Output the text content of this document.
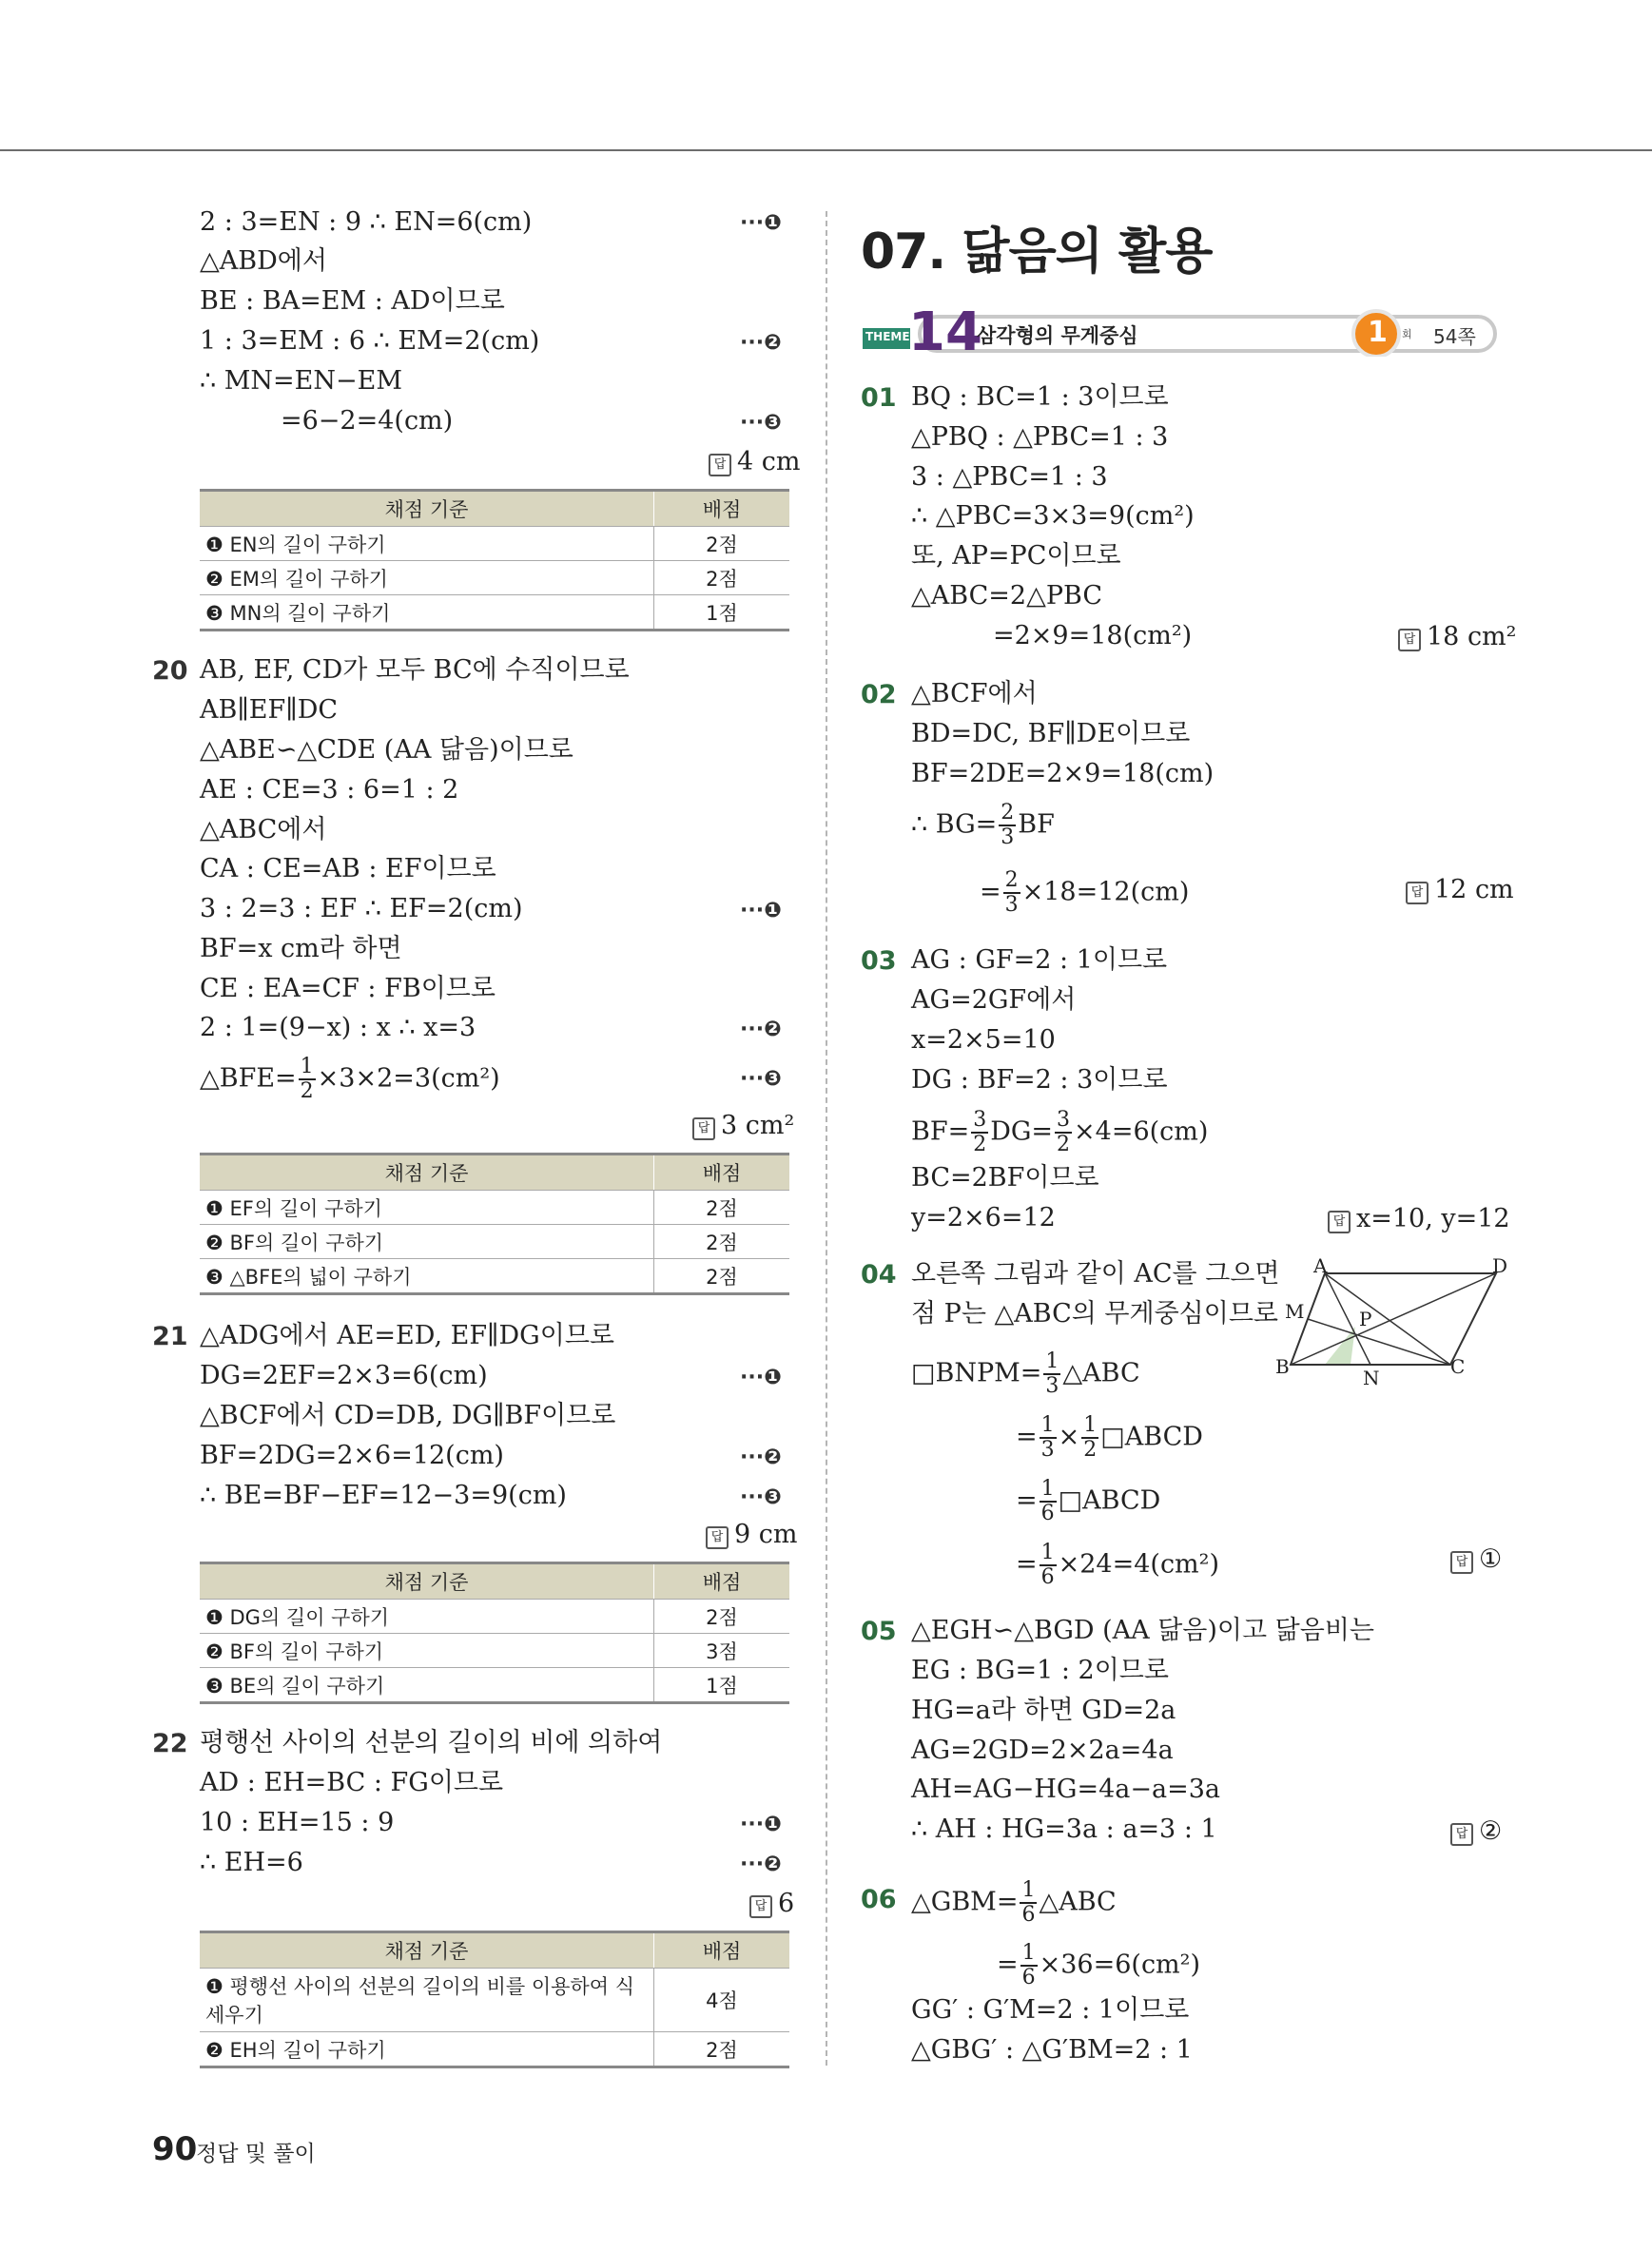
2 : 3=EN : 9 ∴ EN=6(cm)	···❶
△ABD에서
BE : BA=EM : AD이므로
1 : 3=EM : 6 ∴ EM=2(cm)	···❷
∴ MN=EN−EM
=6−2=4(cm)	···❸
답 4 cm
채점 기준	배점
❶ EN의 길이 구하기	2점
❷ EM의 길이 구하기	2점
❸ MN의 길이 구하기	1점
20 AB, EF, CD가 모두 BC에 수직이므로
AB∥EF∥DC
△ABE∽△CDE (AA 닮음)이므로
AE : CE=3 : 6=1 : 2
△ABC에서
CA : CE=AB : EF이므로
3 : 2=3 : EF ∴ EF=2(cm)	···❶
BF=x cm라 하면
CE : EA=CF : FB이므로
2 : 1=(9−x) : x ∴ x=3	···❷
△BFE= $\frac{1}{2} \times 3\times 2=3(cm^2)$	···❸
답 3 cm²
채점 기준	배점
❶ EF의 길이 구하기	2점
❷ BF의 길이 구하기	2점
❸ △BFE의 넓이 구하기	2점
21 △ADG에서 AE=ED, EF∥DG이므로
DG=2EF=2×3=6(cm)	···❶
△BCF에서 CD=DB, DG∥BF이므로
BF=2DG=2×6=12(cm)	···❷
∴ BE=BF−EF=12−3=9(cm)	···❸
답 9 cm
채점 기준	배점
❶ DG의 길이 구하기	2점
❷ BF의 길이 구하기	3점
❸ BE의 길이 구하기	1점
22 평행선 사이의 선분의 길이의 비에 의하여
AD : EH=BC : FG이므로
10 : EH=15 : 9	···❶
∴ EH=6	···❷
답 6
채점 기준	배점
❶ 평행선 사이의 선분의 길이의 비를 이용하여 식 세우기	4점
❷ EH의 길이 구하기	2점
07. 닮음의 활용
THEME
14
삼각형의 무게중심	1 회 54쪽
01 BQ : BC=1 : 3이므로
△PBQ : △PBC=1 : 3
3 : △PBC=1 : 3
∴ △PBC=3×3=9(cm²)
또, AP=PC이므로
△ABC=2△PBC
=2×9=18(cm²)	답 18 cm²
02 △BCF에서
BD=DC, BF∥DE이므로
BF=2DE=2×9=18(cm)
∴ $BG= \frac{2}{3}$ BF
= $\frac{2}{3} \times 18=12(cm)$	답 12 cm
03 AG : GF=2 : 1이므로
AG=2GF에서
x=2×5=10
DG : BF=2 : 3이므로
$BF= \frac{3}{2} DG= \frac{3}{2} \times 4=6(cm)$
BC=2BF이므로
y=2×6=12	답 x=10, y=12
04 오른쪽 그림과 같이 AC를 그으면
점 P는 △ABC의 무게중심이므로
□BNPM= $\frac{1}{3}$ △ABC
= $\frac{1}{3} \times \frac{1}{2}$ □ABCD
= $\frac{1}{6}$ □ABCD
= $\frac{1}{6} \times 24=4(cm^2)$	답 ①
A	D
M	P
B	N	C
05 △EGH∽△BGD (AA 닮음)이고 닮음비는
EG : BG=1 : 2이므로
HG=a라 하면 GD=2a
AG=2GD=2×2a=4a
AH=AG−HG=4a−a=3a
∴ AH : HG=3a : a=3 : 1	답 ②
06 △GBM= $\frac{1}{6}$ △ABC
= $\frac{1}{6} \times 36=6(cm^2)$
GG′ : G′M=2 : 1이므로
△GBG′ : △G′BM=2 : 1
90
정답 및 풀이
